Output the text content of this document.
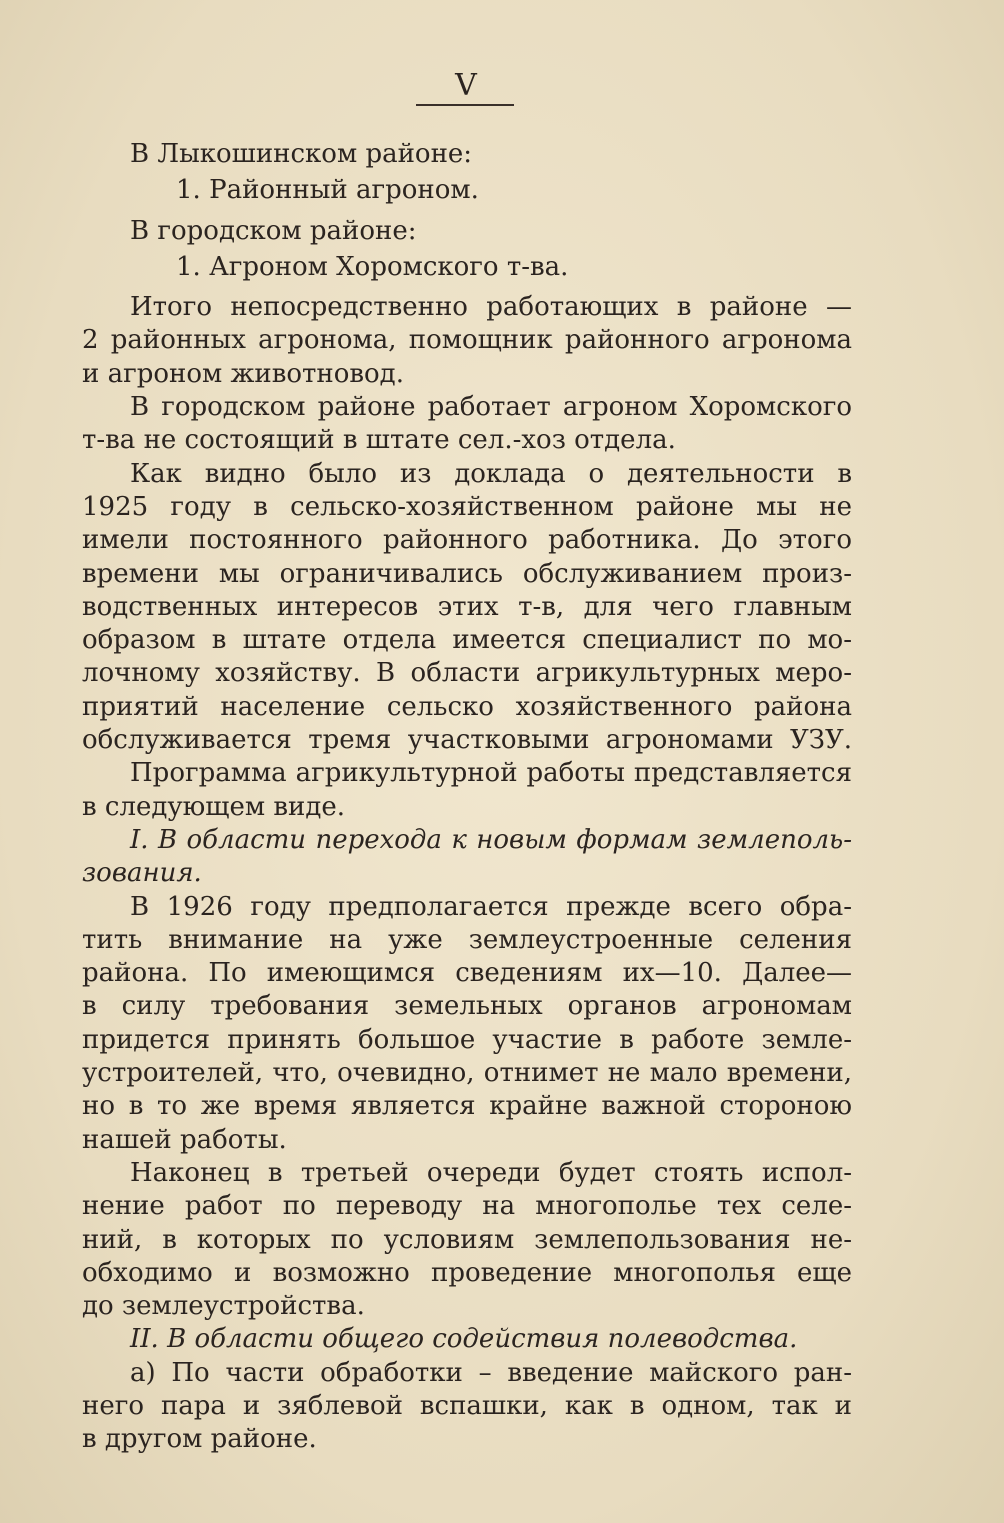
V
В Лыкошинском районе:
1. Районный агроном.
В городском районе:
1. Агроном Хоромского т-ва.
Итого непосредственно работающих в районе —
2 районных агронома, помощник районного агронома
и агроном животновод.
В городском районе работает агроном Хоромского
т-ва не состоящий в штате сел.-хоз отдела.
Как видно было из доклада о деятельности в
1925 году в сельско-хозяйственном районе мы не
имели постоянного районного работника. До этого
времени мы ограничивались обслуживанием произ-
водственных интересов этих т-в, для чего главным
образом в штате отдела имеется специалист по мо-
лочному хозяйству. В области агрикультурных меро-
приятий население сельско хозяйственного района
обслуживается тремя участковыми агрономами УЗУ.
Программа агрикультурной работы представляется
в следующем виде.
I. В области перехода к новым формам землеполь-
зования.
В 1926 году предполагается прежде всего обра-
тить внимание на уже землеустроенные селения
района. По имеющимся сведениям их—10. Далее—
в силу требования земельных органов агрономам
придется принять большое участие в работе земле-
устроителей, что, очевидно, отнимет не мало времени,
но в то же время является крайне важной стороною
нашей работы.
Наконец в третьей очереди будет стоять испол-
нение работ по переводу на многополье тех селе-
ний, в которых по условиям землепользования не-
обходимо и возможно проведение многополья еще
до землеустройства.
II. В области общего содействия полеводства.
а) По части обработки – введение майского ран-
него пара и зяблевой вспашки, как в одном, так и
в другом районе.
